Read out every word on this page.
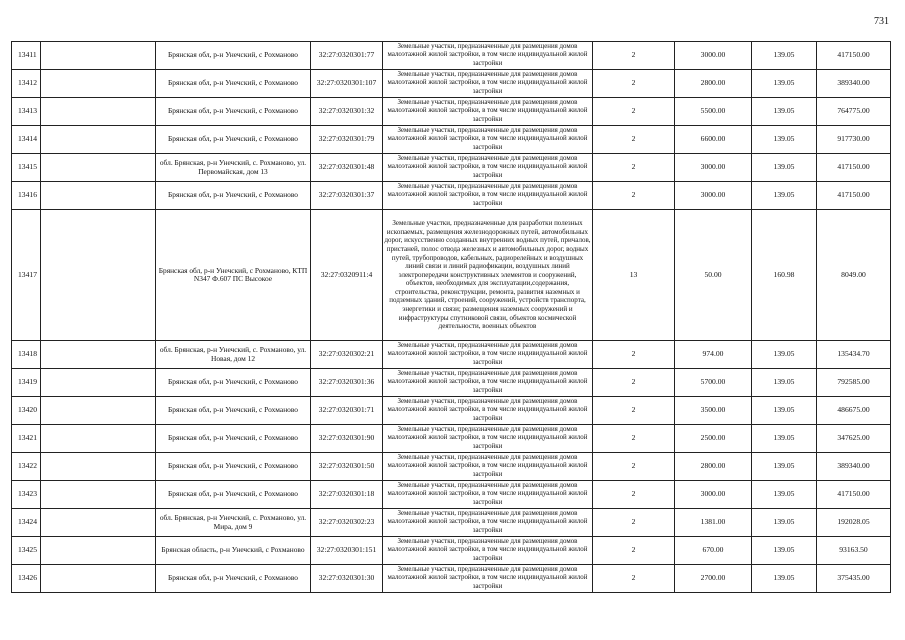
731
13411		Брянская обл, р-н Унечский, с Рохманово	32:27:0320301:77	Земельные участки, предназначенные для размещения домов малоэтажной жилой застройки, в том числе индивидуальной жилой застройки	2	3000.00	139.05	417150.00
13412		Брянская обл, р-н Унечский, с Рохманово	32:27:0320301:107	Земельные участки, предназначенные для размещения домов малоэтажной жилой застройки, в том числе индивидуальной жилой застройки	2	2800.00	139.05	389340.00
13413		Брянская обл, р-н Унечский, с Рохманово	32:27:0320301:32	Земельные участки, предназначенные для размещения домов малоэтажной жилой застройки, в том числе индивидуальной жилой застройки	2	5500.00	139.05	764775.00
13414		Брянская обл, р-н Унечский, с Рохманово	32:27:0320301:79	Земельные участки, предназначенные для размещения домов малоэтажной жилой застройки, в том числе индивидуальной жилой застройки	2	6600.00	139.05	917730.00
13415		обл. Брянская, р-н Унечский, с. Рохманово, ул. Первомайская, дом 13	32:27:0320301:48	Земельные участки, предназначенные для размещения домов малоэтажной жилой застройки, в том числе индивидуальной жилой застройки	2	3000.00	139.05	417150.00
13416		Брянская обл, р-н Унечский, с Рохманово	32:27:0320301:37	Земельные участки, предназначенные для размещения домов малоэтажной жилой застройки, в том числе индивидуальной жилой застройки	2	3000.00	139.05	417150.00
13417		Брянская обл, р-н Унечский, с Рохманово, КТП N347 Ф.607 ПС Высокое	32:27:0320911:4	Земельные участки, предназначенные для разработки полезных ископаемых, размещения железнодорожных путей, автомобильных дорог, искусственно созданных внутренних водных путей, причалов, пристаней, полос отвода железных и автомобильных дорог, водных путей, трубопроводов, кабельных, радиорелейных и воздушных линий связи и линий радиофикации, воздушных линий электропередачи конструктивных элементов и сооружений, объектов, необходимых для эксплуатации,содержания, строительства, реконструкции, ремонта, развития наземных и подземных зданий, строений, сооружений, устройств транспорта, энергетики и связи; размещения наземных сооружений и инфраструктуры спутниковой связи, объектов космической деятельности, военных объектов	13	50.00	160.98	8049.00
13418		обл. Брянская, р-н Унечский, с. Рохманово, ул. Новая, дом 12	32:27:0320302:21	Земельные участки, предназначенные для размещения домов малоэтажной жилой застройки, в том числе индивидуальной жилой застройки	2	974.00	139.05	135434.70
13419		Брянская обл, р-н Унечский, с Рохманово	32:27:0320301:36	Земельные участки, предназначенные для размещения домов малоэтажной жилой застройки, в том числе индивидуальной жилой застройки	2	5700.00	139.05	792585.00
13420		Брянская обл, р-н Унечский, с Рохманово	32:27:0320301:71	Земельные участки, предназначенные для размещения домов малоэтажной жилой застройки, в том числе индивидуальной жилой застройки	2	3500.00	139.05	486675.00
13421		Брянская обл, р-н Унечский, с Рохманово	32:27:0320301:90	Земельные участки, предназначенные для размещения домов малоэтажной жилой застройки, в том числе индивидуальной жилой застройки	2	2500.00	139.05	347625.00
13422		Брянская обл, р-н Унечский, с Рохманово	32:27:0320301:50	Земельные участки, предназначенные для размещения домов малоэтажной жилой застройки, в том числе индивидуальной жилой застройки	2	2800.00	139.05	389340.00
13423		Брянская обл, р-н Унечский, с Рохманово	32:27:0320301:18	Земельные участки, предназначенные для размещения домов малоэтажной жилой застройки, в том числе индивидуальной жилой застройки	2	3000.00	139.05	417150.00
13424		обл. Брянская, р-н Унечский, с. Рохманово, ул. Мира, дом 9	32:27:0320302:23	Земельные участки, предназначенные для размещения домов малоэтажной жилой застройки, в том числе индивидуальной жилой застройки	2	1381.00	139.05	192028.05
13425		Брянская область, р-н Унечский, с Рохманово	32:27:0320301:151	Земельные участки, предназначенные для размещения домов малоэтажной жилой застройки, в том числе индивидуальной жилой застройки	2	670.00	139.05	93163.50
13426		Брянская обл, р-н Унечский, с Рохманово	32:27:0320301:30	Земельные участки, предназначенные для размещения домов малоэтажной жилой застройки, в том числе индивидуальной жилой застройки	2	2700.00	139.05	375435.00
